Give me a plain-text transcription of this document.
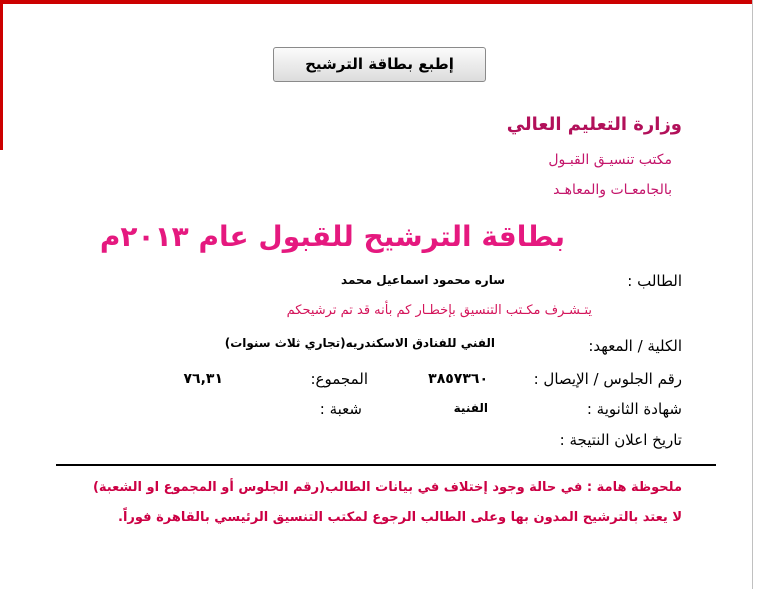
إطبع بطاقة الترشيح
وزارة التعليم العالي
مكتب تنسيـق القبـول
بالجامعـات والمعاهـد
بطاقة الترشيح للقبول عام ٢٠١٣م
الطالب :
ساره محمود اسماعيل محمد
يتـشـرف مكـتب التنسيق بإخطـار كم بأنه قد تم ترشيحكم
الكلية / المعهد:
الفني للفنادق الاسكندريه(تجاري ثلاث سنوات)
رقم الجلوس / الإيصال :
٣٨٥٧٣٦٠
المجموع:
٧٦,٣١
شهادة الثانوية :
الفنية
شعبة :
تاريخ اعلان النتيجة :
ملحوظة هامة : في حالة وجود إختلاف في بيانات الطالب(رقم الجلوس أو المجموع او الشعبة)
لا يعتد بالترشيح المدون بها وعلى الطالب الرجوع لمكتب التنسيق الرئيسي بالقاهرة فوراً.
